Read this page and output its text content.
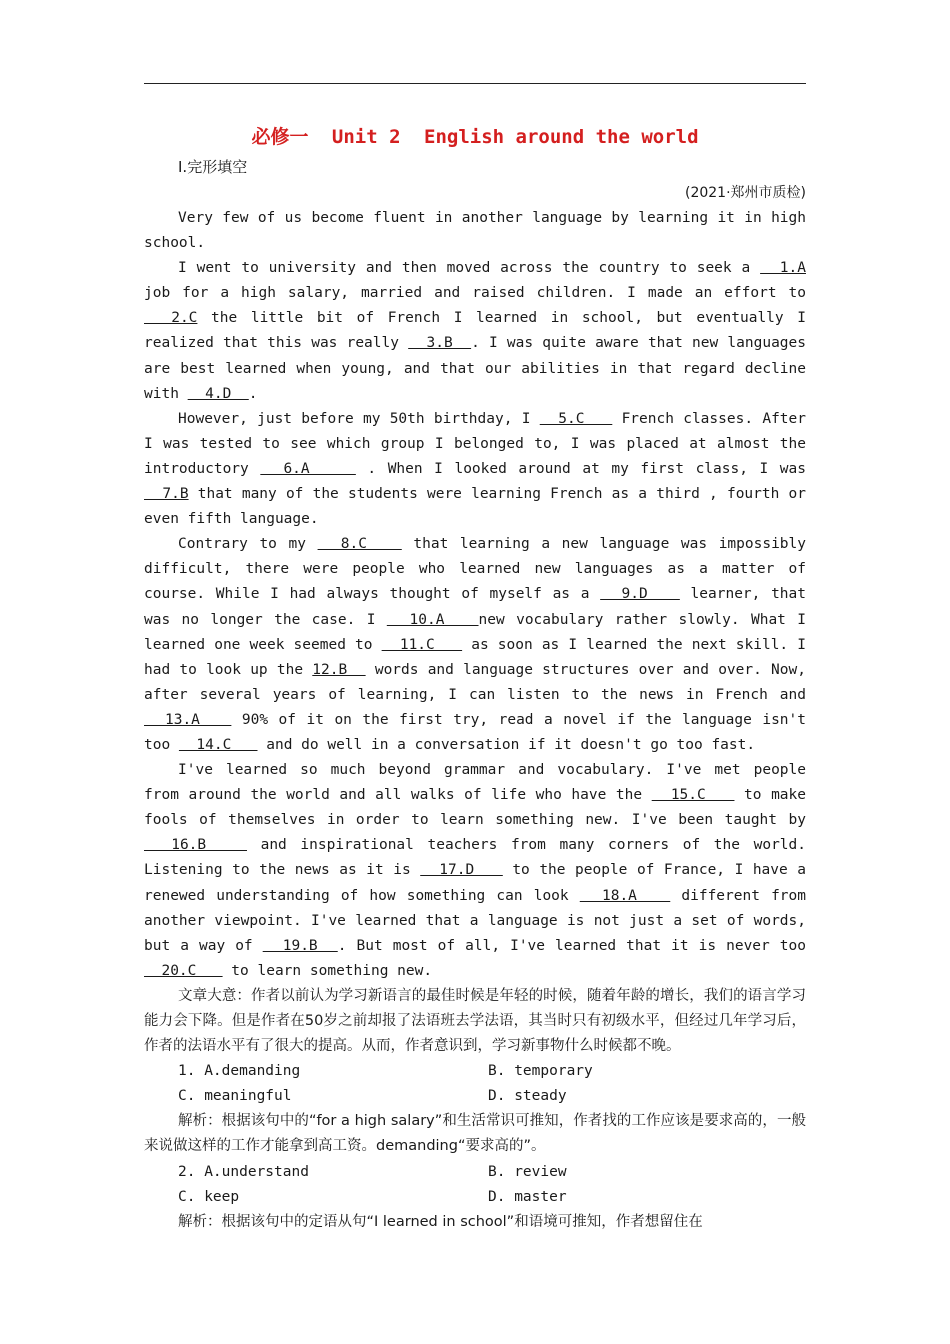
必修一 Unit 2 English around the world
Ⅰ.完形填空
(2021·郑州市质检)

Very few of us become fluent in another language by learning it in high school.

I went to university and then moved across the country to seek a   1.A job for a high salary, married and raised children. I made an effort to   2.C the little bit of French I learned in school, but eventually I realized that this was really   3.B  . I was quite aware that new languages are best learned when young, and that our abilities in that regard decline with   4.D  .

However, just before my 50th birthday, I   5.C    French classes. After I was tested to see which group I belonged to, I was placed at almost the introductory   6.A     . When I looked around at my first class, I was   7.B that many of the students were learning French as a third , fourth or even fifth language.

Contrary to my   8.C    that learning a new language was impossibly difficult, there were people who learned new languages as a matter of course. While I had always thought of myself as a   9.D    learner, that was no longer the case. I   10.A   new vocabulary rather slowly. What I learned one week seemed to   11.C    as soon as I learned the next skill. I had to look up the 12.B   words and language structures over and over. Now, after several years of learning, I can listen to the news in French and   13.A    90% of it on the first try, read a novel if the language isn't too   14.C    and do well in a conversation if it doesn't go too fast.

I've learned so much beyond grammar and vocabulary. I've met people from around the world and all walks of life who have the   15.C    to make fools of themselves in order to learn something new. I've been taught by   16.B    and inspirational teachers from many corners of the world. Listening to the news as it is   17.D    to the people of France, I have a renewed understanding of how something can look   18.A    different from another viewpoint. I've learned that a language is not just a set of words, but a way of   19.B  . But most of all, I've learned that it is never too   20.C    to learn something new.

文章大意：作者以前认为学习新语言的最佳时候是年轻的时候，随着年龄的增长，我们的语言学习能力会下降。但是作者在50岁之前却报了法语班去学法语，其当时只有初级水平，但经过几年学习后，作者的法语水平有了很大的提高。从而，作者意识到，学习新事物什么时候都不晚。

1. A.demanding	B. temporary
C. meaningful	D. steady

解析：根据该句中的“for a high salary”和生活常识可推知，作者找的工作应该是要求高的，一般来说做这样的工作才能拿到高工资。demanding“要求高的”。

2. A.understand	B. review
C. keep	D. master

解析：根据该句中的定语从句“I learned in school”和语境可推知，作者想留住在
